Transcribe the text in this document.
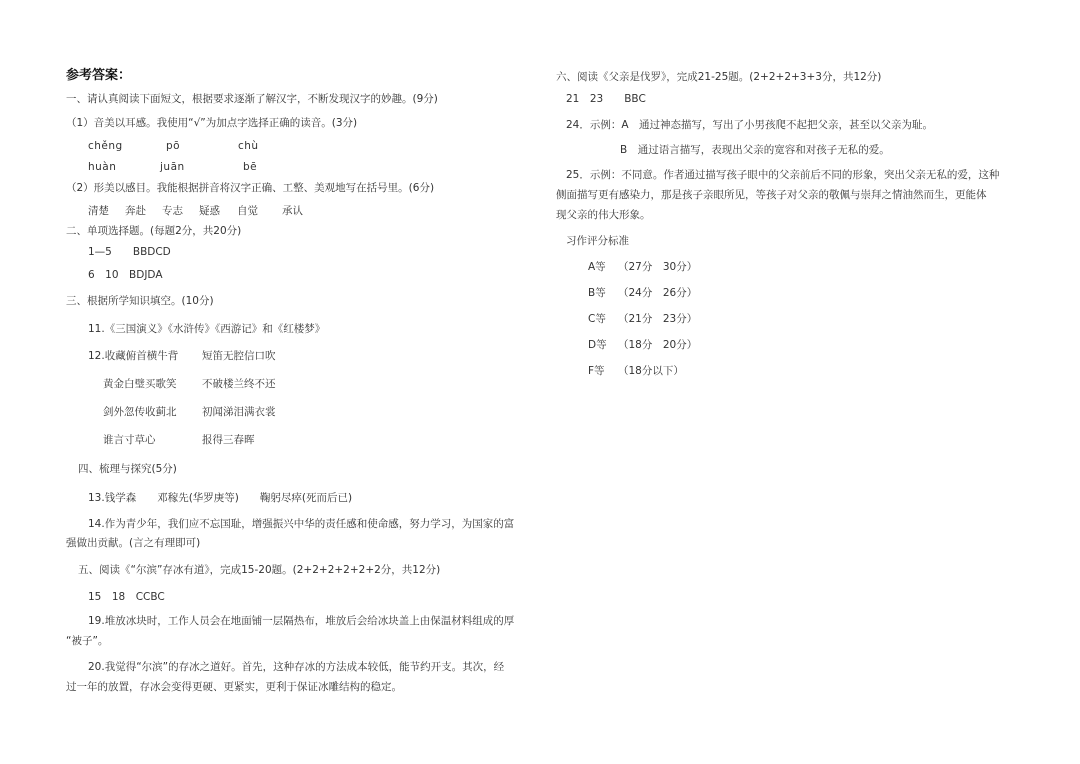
参考答案：
一、请认真阅读下面短文，根据要求逐渐了解汉字，不断发现汉字的妙趣。(9分)
（1）音美以耳感。我使用“√”为加点字选择正确的读音。(3分)
chěng	pō	chù
huàn	juān	bē
（2）形美以感目。我能根据拼音将汉字正确、工整、美观地写在括号里。(6分)
清楚 奔赴 专志 疑惑 自觉 承认
二、单项选择题。(每题2分，共20分)
1—5　　BBDCD
6　10　BDJDA
三、根据所学知识填空。(10分)
11.《三国演义》《水浒传》《西游记》和《红楼梦》
12.收藏俯首横牛背 短笛无腔信口吹
黄金白璧买歌笑 不破楼兰终不还
剑外忽传收蓟北 初闻涕泪满衣裳
谁言寸草心	报得三春晖
四、梳理与探究(5分)
13.钱学森　　邓稼先(华罗庚等)　　鞠躬尽瘁(死而后已)
14.作为青少年，我们应不忘国耻，增强振兴中华的责任感和使命感，努力学习，为国家的富
强做出贡献。(言之有理即可)
五、阅读《“尔滨”存冰有道》，完成15-20题。(2+2+2+2+2+2分，共12分)
15　18　CCBC
19.堆放冰块时，工作人员会在地面铺一层隔热布，堆放后会给冰块盖上由保温材料组成的厚
“被子”。
20.我觉得“尔滨”的存冰之道好。首先，这种存冰的方法成本较低，能节约开支。其次，经
过一年的放置，存冰会变得更硬、更紧实，更利于保证冰雕结构的稳定。
六、阅读《父亲是伐罗》，完成21-25题。(2+2+2+3+3分，共12分)
21　23　　BBC
24．示例：A　通过神态描写，写出了小男孩爬不起把父亲，甚至以父亲为耻。
B　通过语言描写，表现出父亲的宽容和对孩子无私的爱。
25．示例：不同意。作者通过描写孩子眼中的父亲前后不同的形象，突出父亲无私的爱，这种
侧面描写更有感染力，那是孩子亲眼所见，等孩子对父亲的敬佩与崇拜之情油然而生，更能体
现父亲的伟大形象。
习作评分标准
A等 （27分　30分）
B等 （24分　26分）
C等 （21分　23分）
D等 （18分　20分）
F等 （18分以下）
